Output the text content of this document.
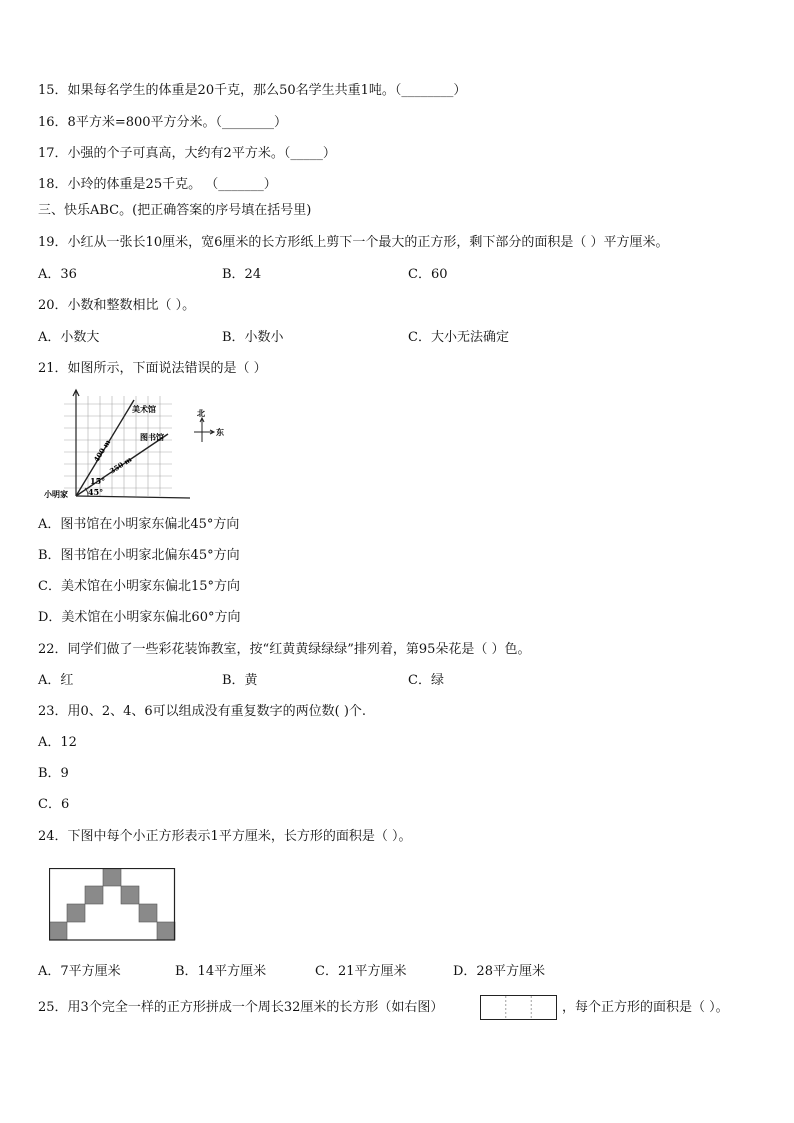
15．如果每名学生的体重是20千克，那么50名学生共重1吨。（________）
16．8平方米=800平方分米。（________）
17．小强的个子可真高，大约有2平方米。（_____）
18．小玲的体重是25千克。 （_______）
三、快乐ABC。(把正确答案的序号填在括号里)
19．小红从一张长10厘米，宽6厘米的长方形纸上剪下一个最大的正方形，剩下部分的面积是（ ）平方厘米。
A．36	B．24	C．60
20．小数和整数相比（ ）。
A．小数大	B．小数小	C．大小无法确定
21．如图所示，下面说法错误的是（ ）
美术馆
图书馆
400 m
350 m
15°
45°
小明家
北
东
A．图书馆在小明家东偏北45°方向
B．图书馆在小明家北偏东45°方向
C．美术馆在小明家东偏北15°方向
D．美术馆在小明家东偏北60°方向
22．同学们做了一些彩花装饰教室，按“红黄黄绿绿绿”排列着，第95朵花是（ ）色。
A．红	B．黄	C．绿
23．用0、2、4、6可以组成没有重复数字的两位数( )个.
A．12
B．9
C．6
24．下图中每个小正方形表示1平方厘米，长方形的面积是（ ）。
A．7平方厘米	B．14平方厘米	C．21平方厘米	D．28平方厘米
25．用3个完全一样的正方形拼成一个周长32厘米的长方形（如右图）	，每个正方形的面积是（ ）。
